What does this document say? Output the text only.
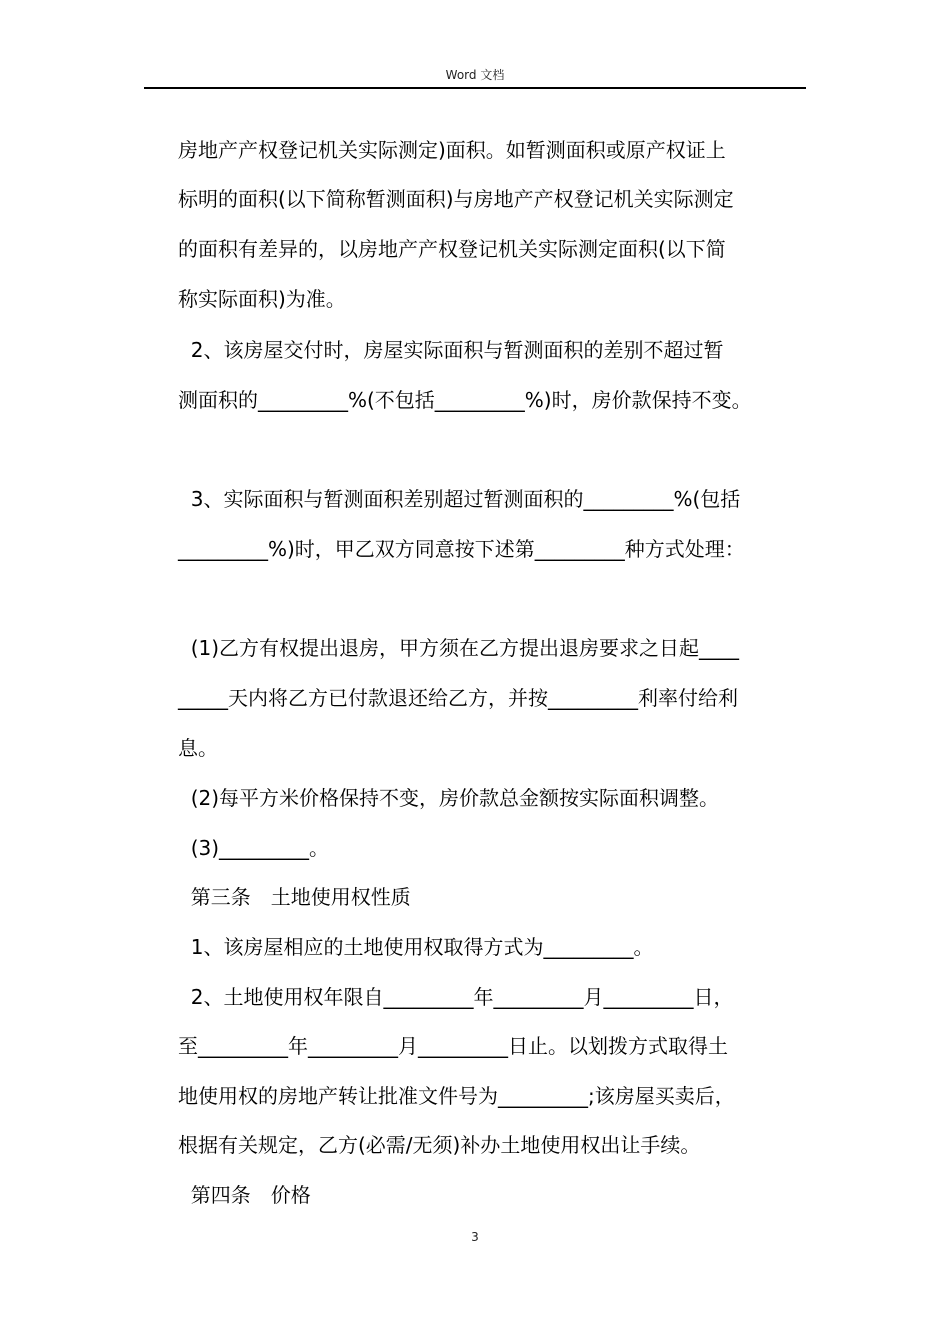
Word 文档
房地产产权登记机关实际测定)面积。如暂测面积或原产权证上
标明的面积(以下简称暂测面积)与房地产产权登记机关实际测定
的面积有差异的，以房地产产权登记机关实际测定面积(以下简
称实际面积)为准。
2、该房屋交付时，房屋实际面积与暂测面积的差别不超过暂
测面积的_________%(不包括_________%)时，房价款保持不变。
3、实际面积与暂测面积差别超过暂测面积的_________%(包括
_________%)时，甲乙双方同意按下述第_________种方式处理：
(1)乙方有权提出退房，甲方须在乙方提出退房要求之日起____
_____天内将乙方已付款退还给乙方，并按_________利率付给利
息。
(2)每平方米价格保持不变，房价款总金额按实际面积调整。
(3)_________。
第三条　土地使用权性质
1、该房屋相应的土地使用权取得方式为_________。
2、土地使用权年限自_________年_________月_________日，
至_________年_________月_________日止。以划拨方式取得土
地使用权的房地产转让批准文件号为_________;该房屋买卖后，
根据有关规定，乙方(必需/无须)补办土地使用权出让手续。
第四条　价格
3
